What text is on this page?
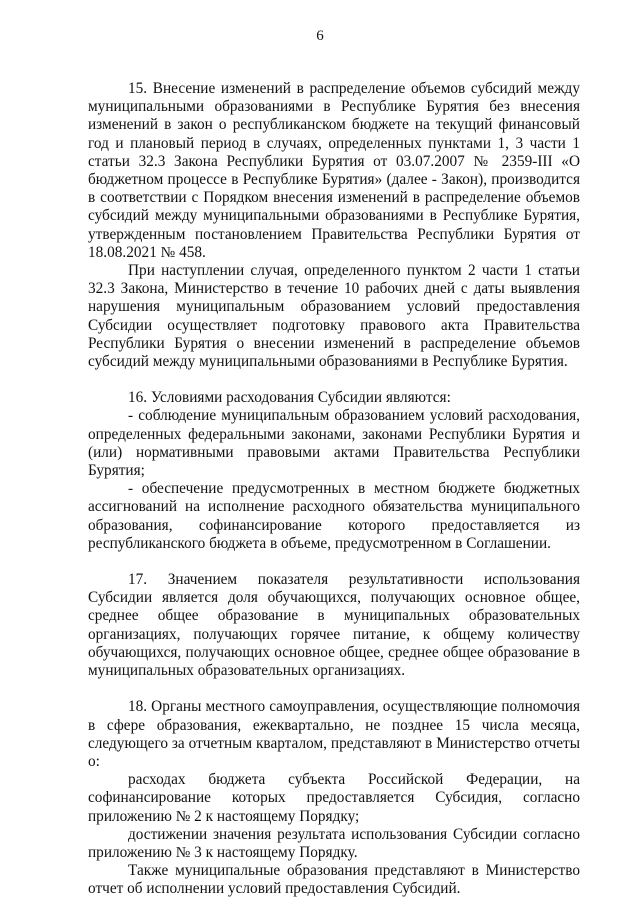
6

15. Внесение изменений в распределение объемов субсидий между муниципальными образованиями в Республике Бурятия без внесения изменений в закон о республиканском бюджете на текущий финансовый год и плановый период в случаях, определенных пунктами 1, 3 части 1 статьи 32.3 Закона Республики Бурятия от 03.07.2007 № 2359-III «О бюджетном процессе в Республике Бурятия» (далее - Закон), производится в соответствии с Порядком внесения изменений в распределение объемов субсидий между муниципальными образованиями в Республике Бурятия, утвержденным постановлением Правительства Республики Бурятия от 18.08.2021 № 458.

При наступлении случая, определенного пунктом 2 части 1 статьи 32.3 Закона, Министерство в течение 10 рабочих дней с даты выявления нарушения муниципальным образованием условий предоставления Субсидии осуществляет подготовку правового акта Правительства Республики Бурятия о внесении изменений в распределение объемов субсидий между муниципальными образованиями в Республике Бурятия.

16. Условиями расходования Субсидии являются:

- соблюдение муниципальным образованием условий расходования, определенных федеральными законами, законами Республики Бурятия и (или) нормативными правовыми актами Правительства Республики Бурятия;

- обеспечение предусмотренных в местном бюджете бюджетных ассигнований на исполнение расходного обязательства муниципального образования, софинансирование которого предоставляется из республиканского бюджета в объеме, предусмотренном в Соглашении.

17. Значением показателя результативности использования Субсидии является доля обучающихся, получающих основное общее, среднее общее образование в муниципальных образовательных организациях, получающих горячее питание, к общему количеству обучающихся, получающих основное общее, среднее общее образование в муниципальных образовательных организациях.

18. Органы местного самоуправления, осуществляющие полномочия в сфере образования, ежеквартально, не позднее 15 числа месяца, следующего за отчетным кварталом, представляют в Министерство отчеты о:

расходах бюджета субъекта Российской Федерации, на софинансирование которых предоставляется Субсидия, согласно приложению № 2 к настоящему Порядку;

достижении значения результата использования Субсидии согласно приложению № 3 к настоящему Порядку.

Также муниципальные образования представляют в Министерство отчет об исполнении условий предоставления Субсидий.
